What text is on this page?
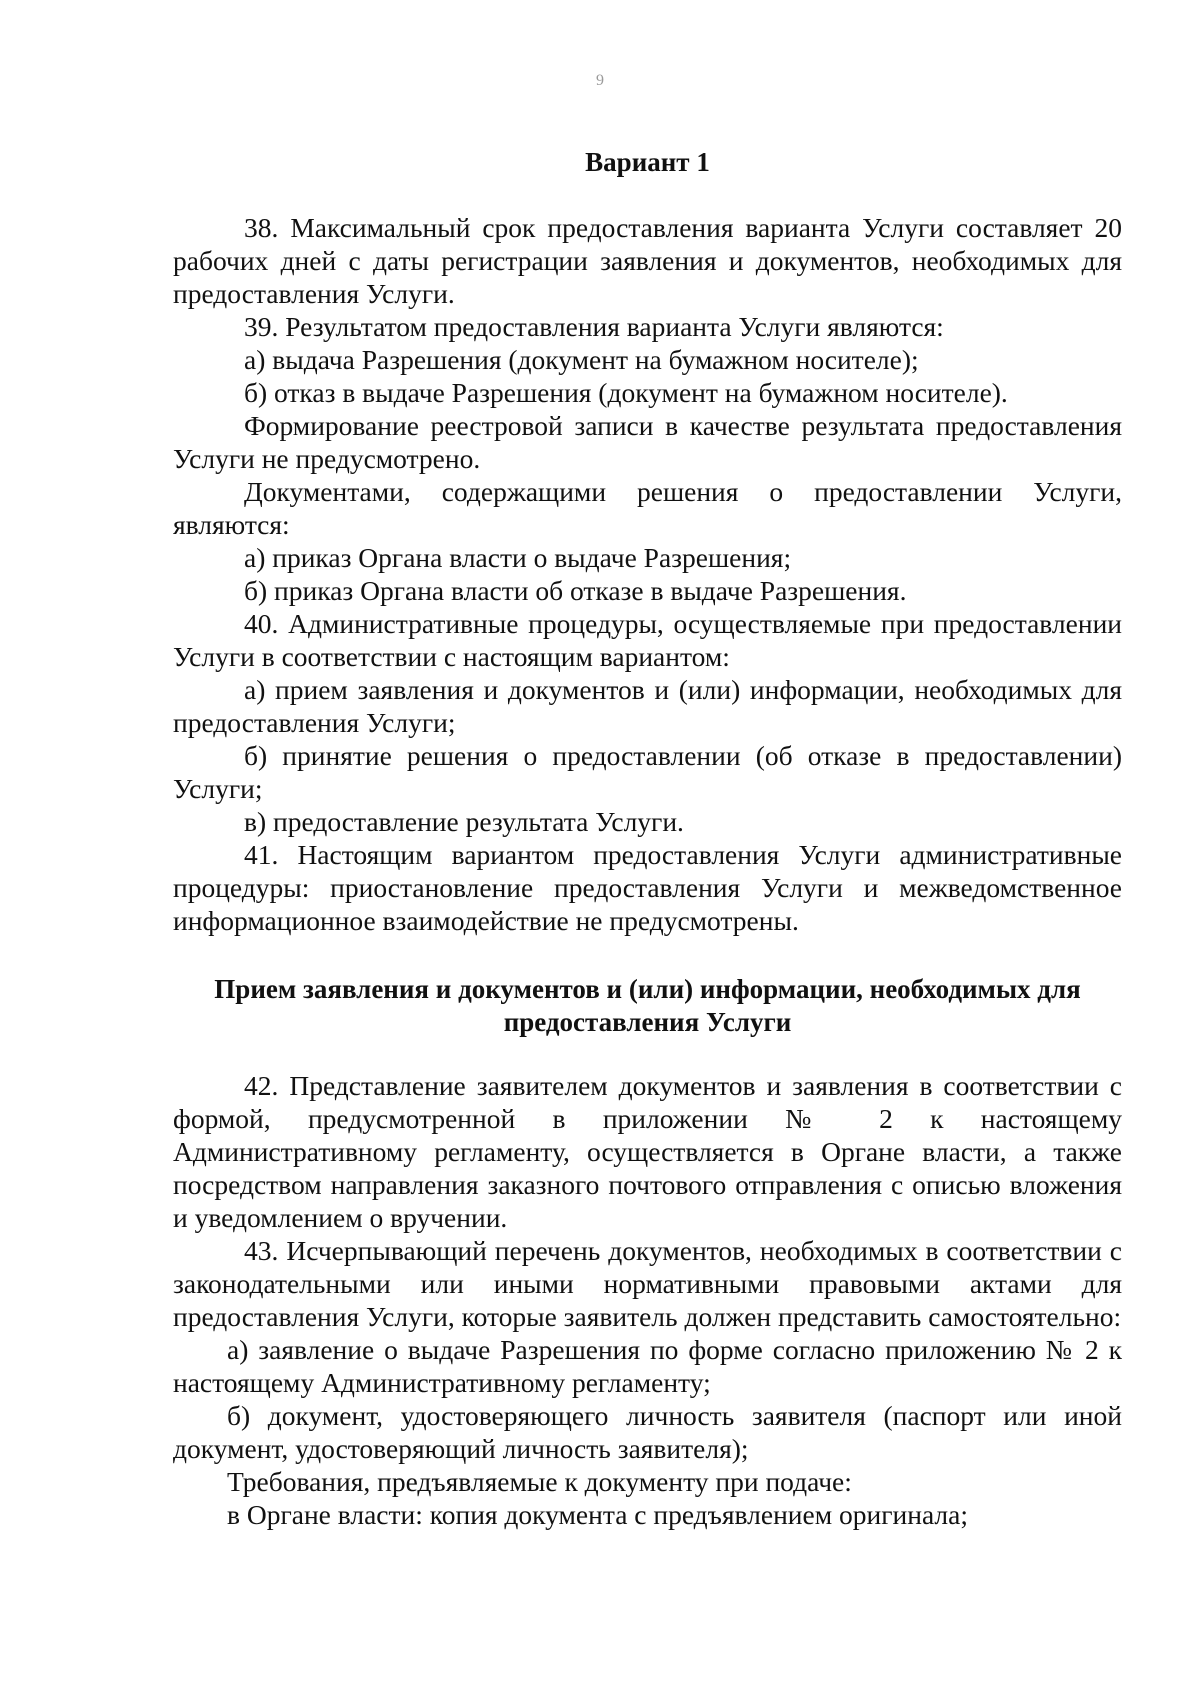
9
Вариант 1

38. Максимальный срок предоставления варианта Услуги составляет 20 рабочих дней с даты регистрации заявления и документов, необходимых для предоставления Услуги.

39. Результатом предоставления варианта Услуги являются:

а) выдача Разрешения (документ на бумажном носителе);

б) отказ в выдаче Разрешения (документ на бумажном носителе).

Формирование реестровой записи в качестве результата предоставления Услуги не предусмотрено.

Документами, содержащими решения о предоставлении Услуги, являются:

а) приказ Органа власти о выдаче Разрешения;

б) приказ Органа власти об отказе в выдаче Разрешения.

40. Административные процедуры, осуществляемые при предоставлении Услуги в соответствии с настоящим вариантом:

а) прием заявления и документов и (или) информации, необходимых для предоставления Услуги;

б) принятие решения о предоставлении (об отказе в предоставлении) Услуги;

в) предоставление результата Услуги.

41. Настоящим вариантом предоставления Услуги административные процедуры: приостановление предоставления Услуги и межведомственное информационное взаимодействие не предусмотрены.

Прием заявления и документов и (или) информации, необходимых для
предоставления Услуги

42. Представление заявителем документов и заявления в соответствии с формой, предусмотренной в приложении № 2 к настоящему Административному регламенту, осуществляется в Органе власти, а также посредством направления заказного почтового отправления с описью вложения и уведомлением о вручении.

43. Исчерпывающий перечень документов, необходимых в соответствии с законодательными или иными нормативными правовыми актами для предоставления Услуги, которые заявитель должен представить самостоятельно:

а) заявление о выдаче Разрешения по форме согласно приложению № 2 к настоящему Административному регламенту;

б) документ, удостоверяющего личность заявителя (паспорт или иной документ, удостоверяющий личность заявителя);

Требования, предъявляемые к документу при подаче:

в Органе власти: копия документа с предъявлением оригинала;
